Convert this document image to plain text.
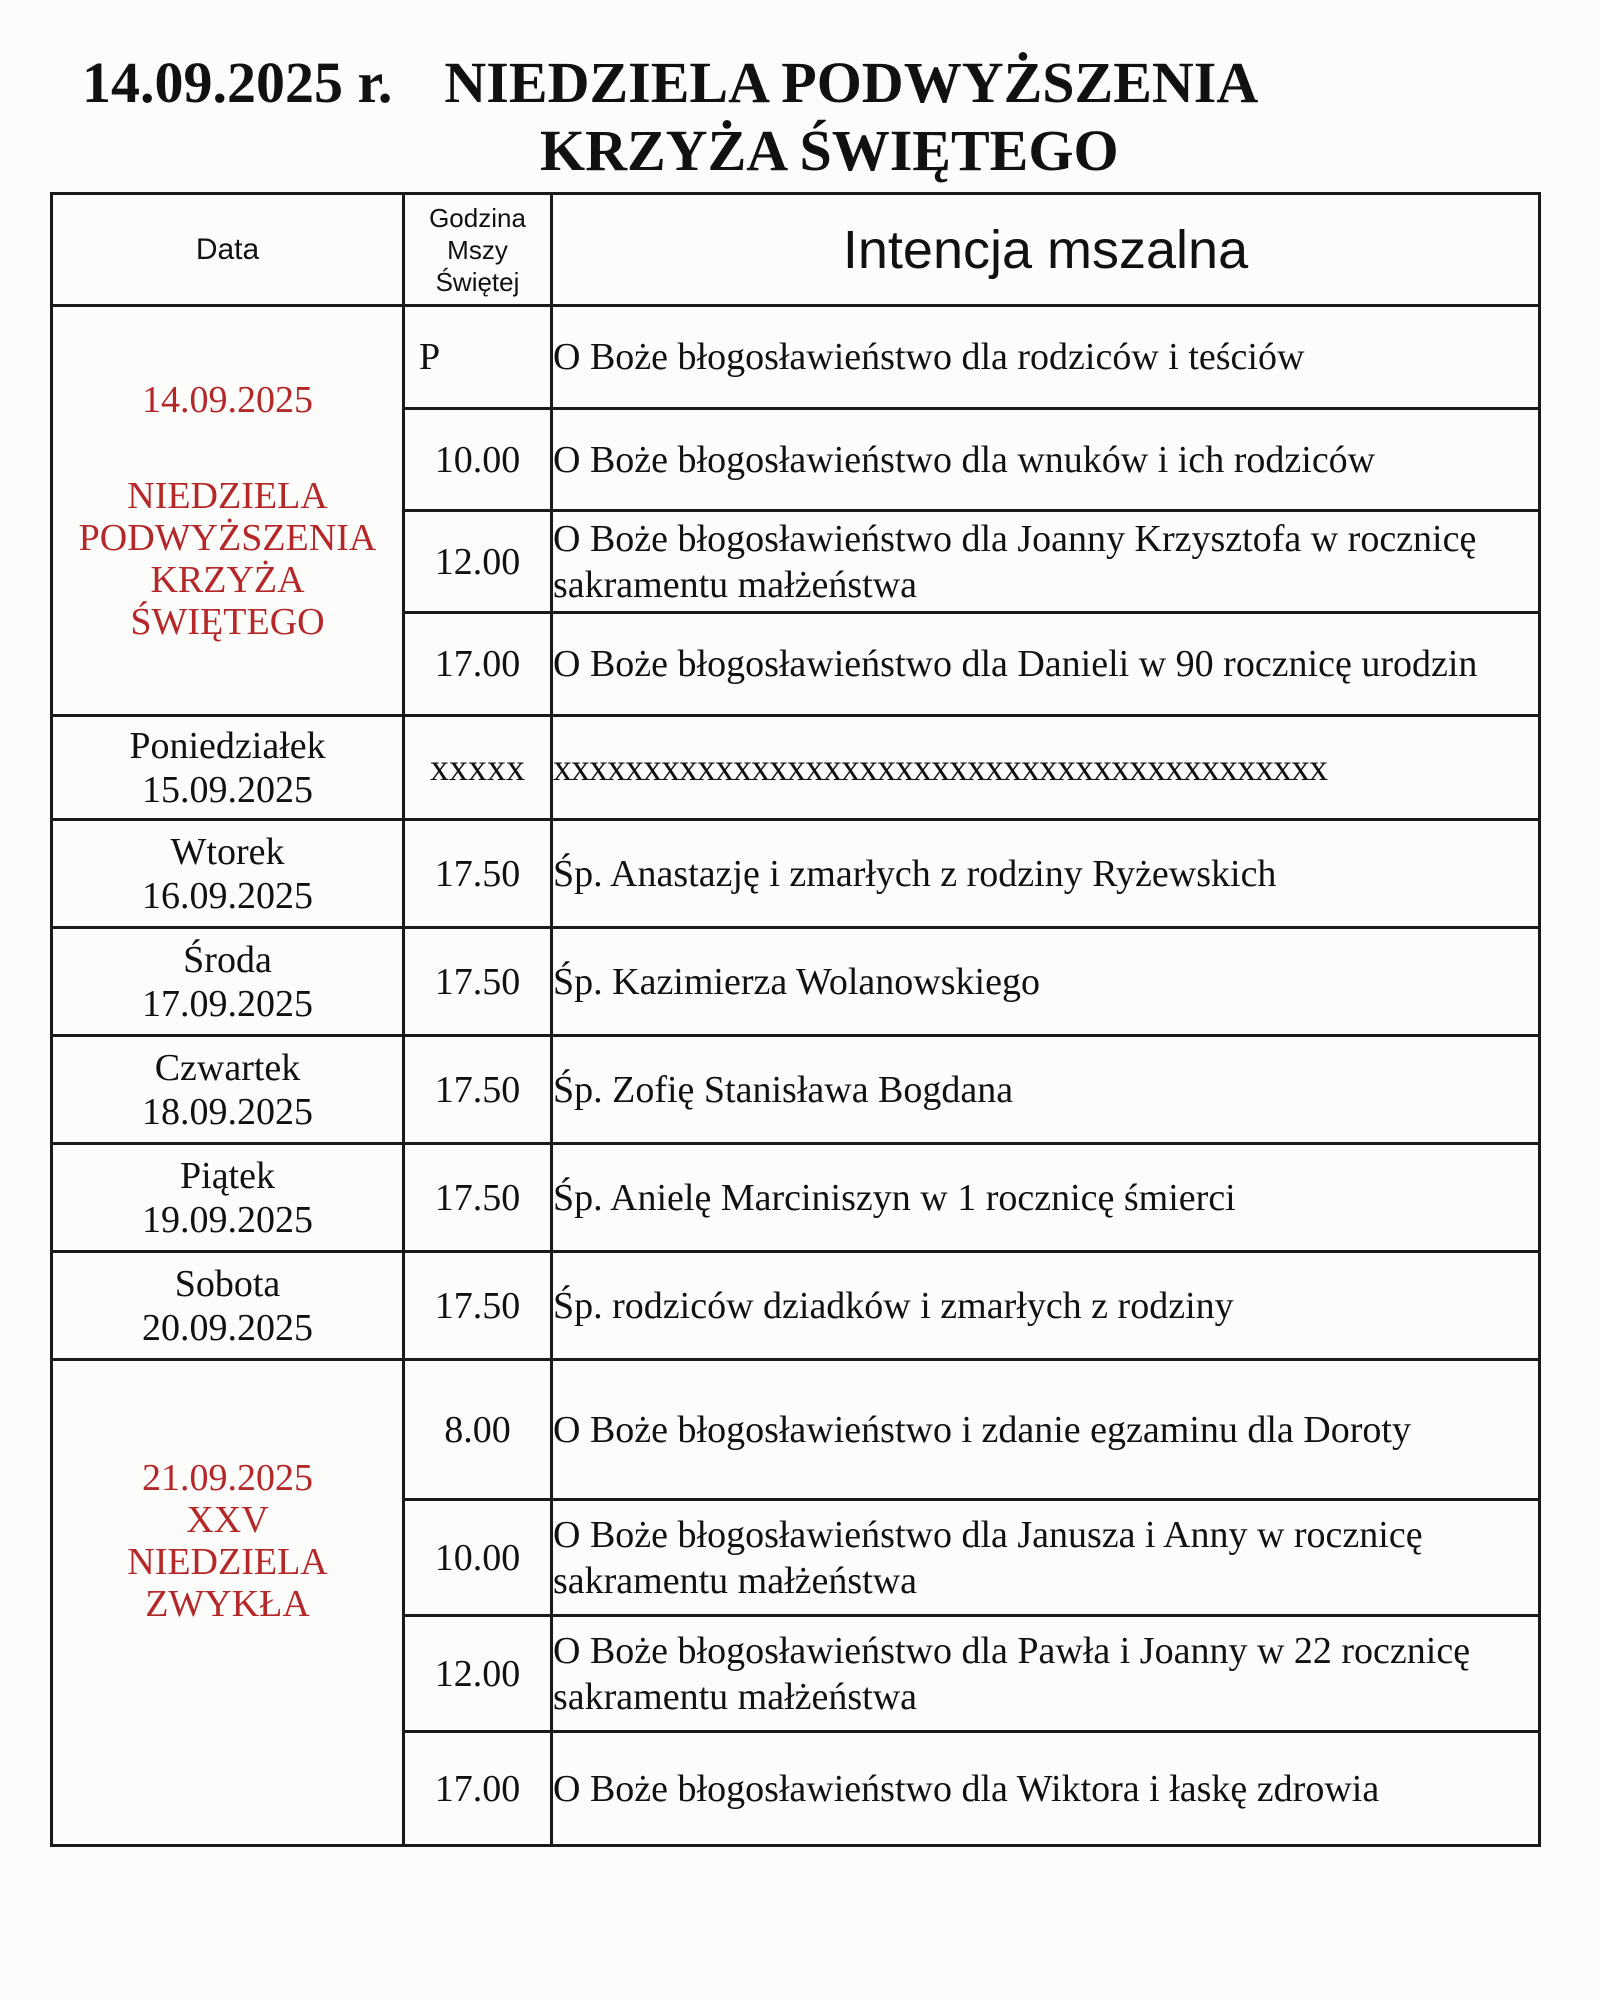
14.09.2025 r. NIEDZIELA PODWYŻSZENIA
KRZYŻA ŚWIĘTEGO
Data	Godzina
Mszy
Świętej	Intencja mszalna

14.09.2025
NIEDZIELA
PODWYŻSZENIA
KRZYŻA
ŚWIĘTEGO	P	O Boże błogosławieństwo dla rodziców i teściów
	10.00	O Boże błogosławieństwo dla wnuków i ich rodziców
	12.00	O Boże błogosławieństwo dla Joanny Krzysztofa w rocznicę sakramentu małżeństwa
	17.00	O Boże błogosławieństwo dla Danieli w 90 rocznicę urodzin

Poniedziałek
15.09.2025	xxxxx	xxxxxxxxxxxxxxxxxxxxxxxxxxxxxxxxxxxxxxxxxxx

Wtorek
16.09.2025	17.50	Śp. Anastazję i zmarłych z rodziny Ryżewskich

Środa
17.09.2025	17.50	Śp. Kazimierza Wolanowskiego

Czwartek
18.09.2025	17.50	Śp. Zofię Stanisława Bogdana

Piątek
19.09.2025	17.50	Śp. Anielę Marciniszyn w 1 rocznicę śmierci

Sobota
20.09.2025	17.50	Śp. rodziców dziadków i zmarłych z rodziny

21.09.2025
XXV
NIEDZIELA
ZWYKŁA	8.00	O Boże błogosławieństwo i zdanie egzaminu dla Doroty
	10.00	O Boże błogosławieństwo dla Janusza i Anny w rocznicę sakramentu małżeństwa
	12.00	O Boże błogosławieństwo dla Pawła i Joanny w 22 rocznicę sakramentu małżeństwa
	17.00	O Boże błogosławieństwo dla Wiktora i łaskę zdrowia
